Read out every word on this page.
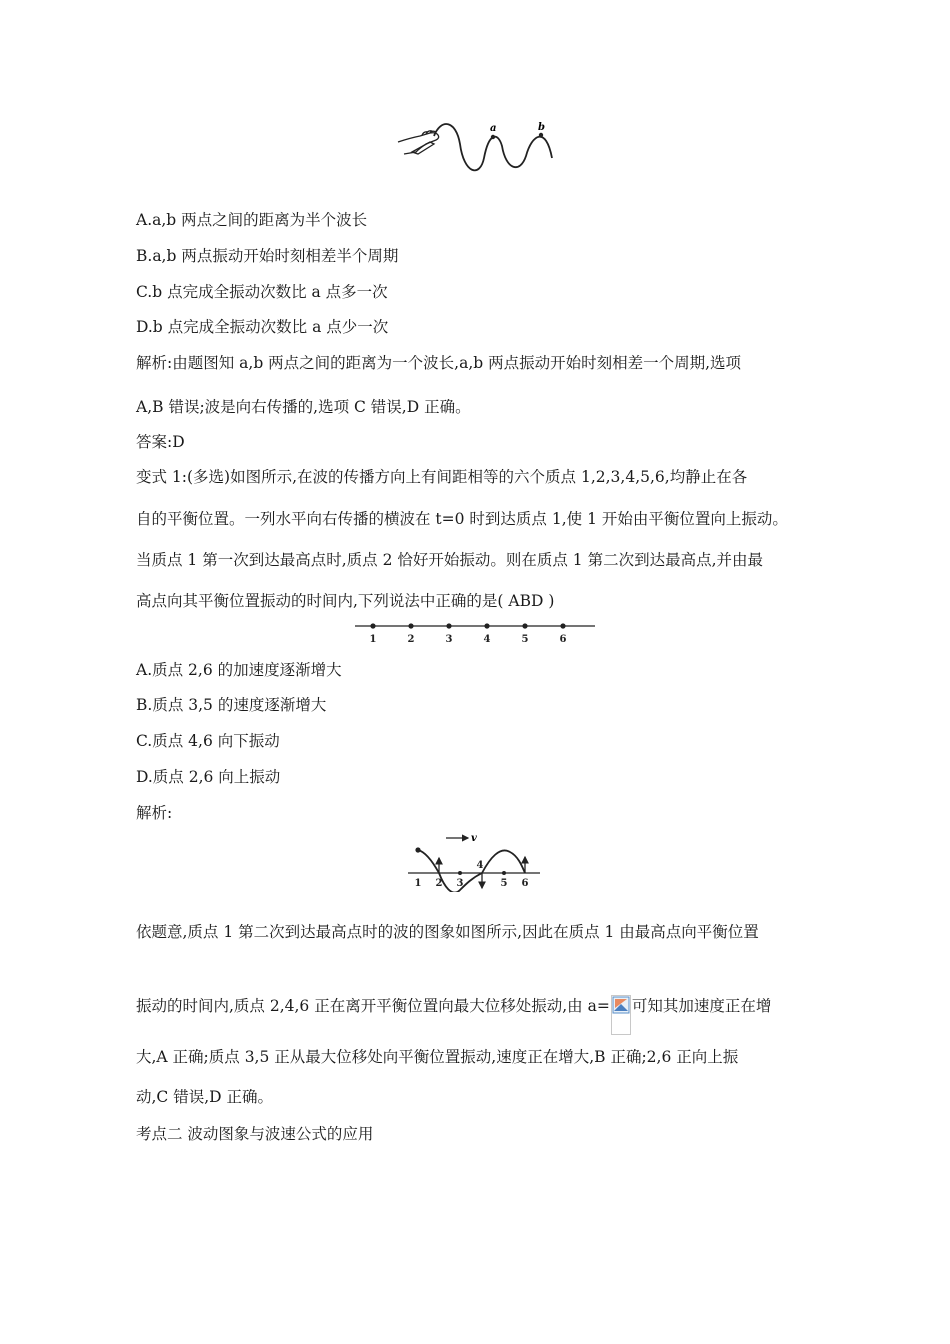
a	b
A.a,b 两点之间的距离为半个波长
B.a,b 两点振动开始时刻相差半个周期
C.b 点完成全振动次数比 a 点多一次
D.b 点完成全振动次数比 a 点少一次
解析:由题图知 a,b 两点之间的距离为一个波长,a,b 两点振动开始时刻相差一个周期,选项
A,B 错误;波是向右传播的,选项 C 错误,D 正确。
答案:D
变式 1:(多选)如图所示,在波的传播方向上有间距相等的六个质点 1,2,3,4,5,6,均静止在各
自的平衡位置。一列水平向右传播的横波在 t=0 时到达质点 1,使 1 开始由平衡位置向上振动。
当质点 1 第一次到达最高点时,质点 2 恰好开始振动。则在质点 1 第二次到达最高点,并由最
高点向其平衡位置振动的时间内,下列说法中正确的是( ABD )
1	2	3	4	5	6
A.质点 2,6 的加速度逐渐增大
B.质点 3,5 的速度逐渐增大
C.质点 4,6 向下振动
D.质点 2,6 向上振动
解析:
v
1 2 3
4
5 6
依题意,质点 1 第二次到达最高点时的波的图象如图所示,因此在质点 1 由最高点向平衡位置
振动的时间内,质点 2,4,6 正在离开平衡位置向最大位移处振动,由 a= 可知其加速度正在增
大,A 正确;质点 3,5 正从最大位移处向平衡位置振动,速度正在增大,B 正确;2,6 正向上振
动,C 错误,D 正确。
考点二 波动图象与波速公式的应用
